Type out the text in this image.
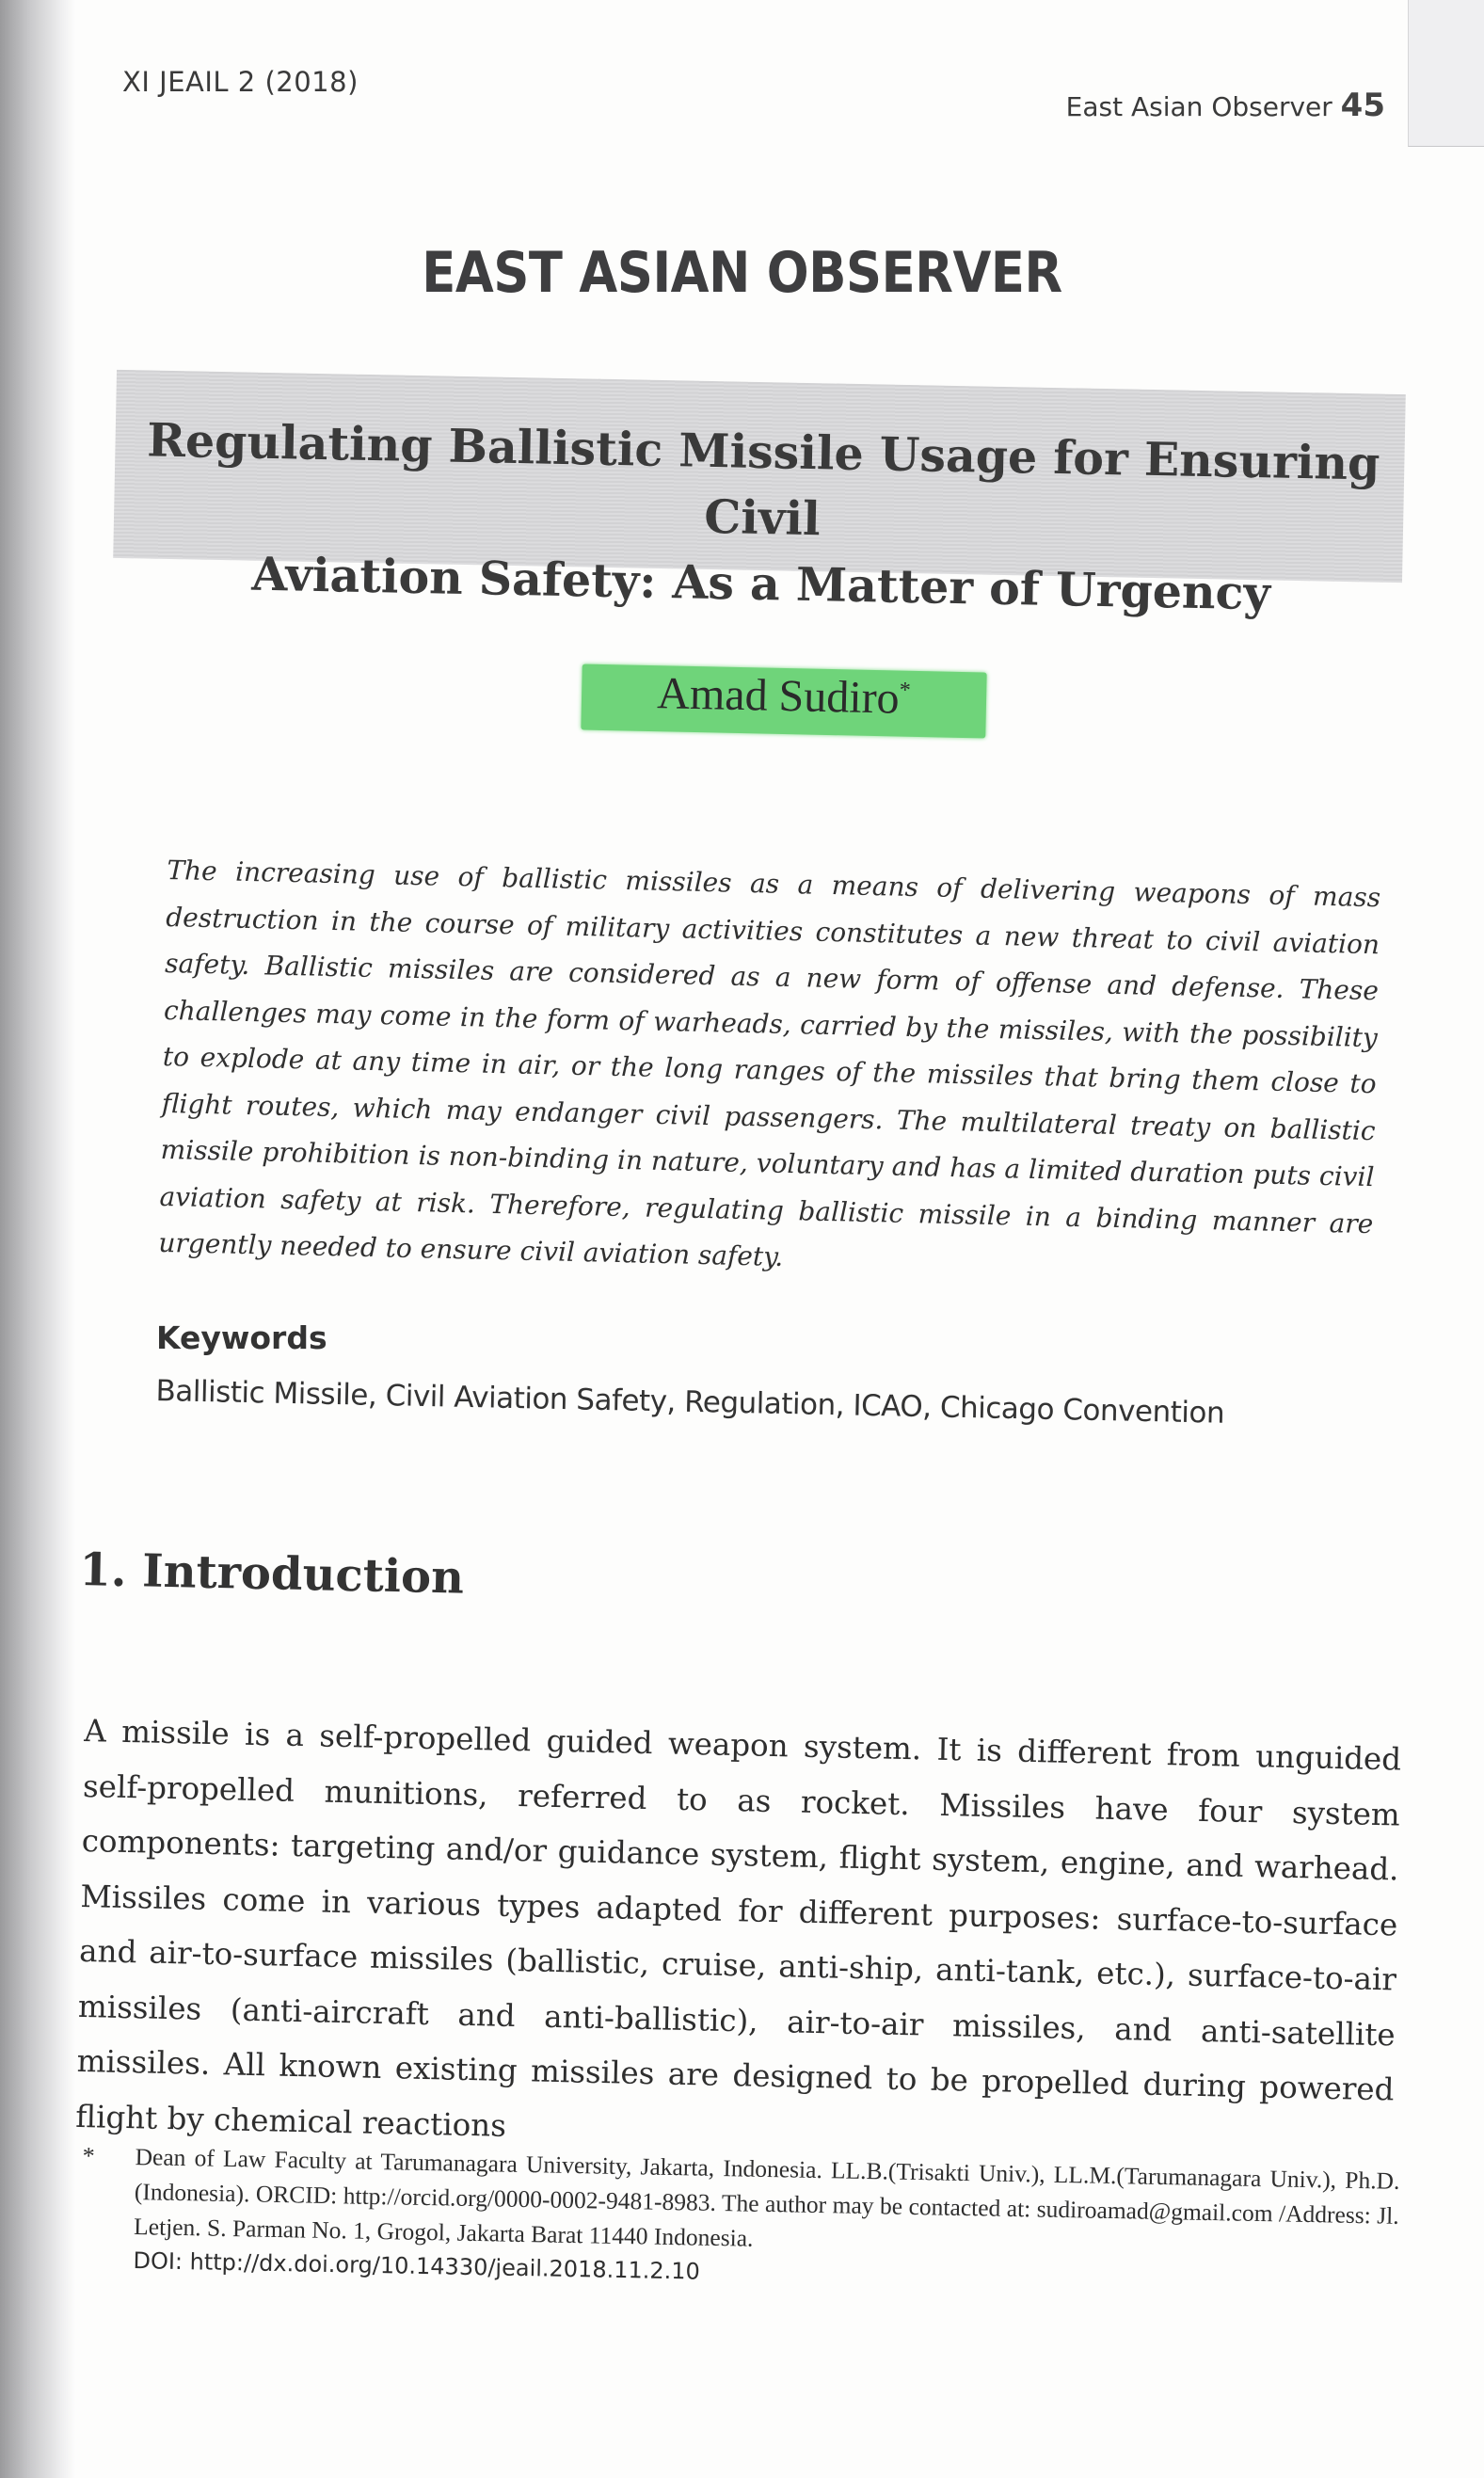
XI JEAIL 2 (2018)
East Asian Observer 45
EAST ASIAN OBSERVER
Regulating Ballistic Missile Usage for Ensuring Civil
Aviation Safety: As a Matter of Urgency
Amad Sudiro*
The increasing use of ballistic missiles as a means of delivering weapons of mass destruction in the course of military activities constitutes a new threat to civil aviation safety. Ballistic missiles are considered as a new form of offense and defense. These challenges may come in the form of warheads, carried by the missiles, with the possibility to explode at any time in air, or the long ranges of the missiles that bring them close to flight routes, which may endanger civil passengers. The multilateral treaty on ballistic missile prohibition is non-binding in nature, voluntary and has a limited duration puts civil aviation safety at risk. Therefore, regulating ballistic missile in a binding manner are urgently needed to ensure civil aviation safety.
Keywords
Ballistic Missile, Civil Aviation Safety, Regulation, ICAO, Chicago Convention
1. Introduction
A missile is a self-propelled guided weapon system. It is different from unguided self-propelled munitions, referred to as rocket. Missiles have four system components: targeting and/or guidance system, flight system, engine, and warhead. Missiles come in various types adapted for different purposes: surface-to-surface and air-to-surface missiles (ballistic, cruise, anti-ship, anti-tank, etc.), surface-to-air missiles (anti-aircraft and anti-ballistic), air-to-air missiles, and anti-satellite missiles. All known existing missiles are designed to be propelled during powered flight by chemical reactions
* Dean of Law Faculty at Tarumanagara University, Jakarta, Indonesia. LL.B.(Trisakti Univ.), LL.M.(Tarumanagara Univ.), Ph.D.(Indonesia). ORCID: http://orcid.org/0000-0002-9481-8983. The author may be contacted at: sudiroamad@gmail.com /Address: Jl. Letjen. S. Parman No. 1, Grogol, Jakarta Barat 11440 Indonesia.
DOI: http://dx.doi.org/10.14330/jeail.2018.11.2.10
